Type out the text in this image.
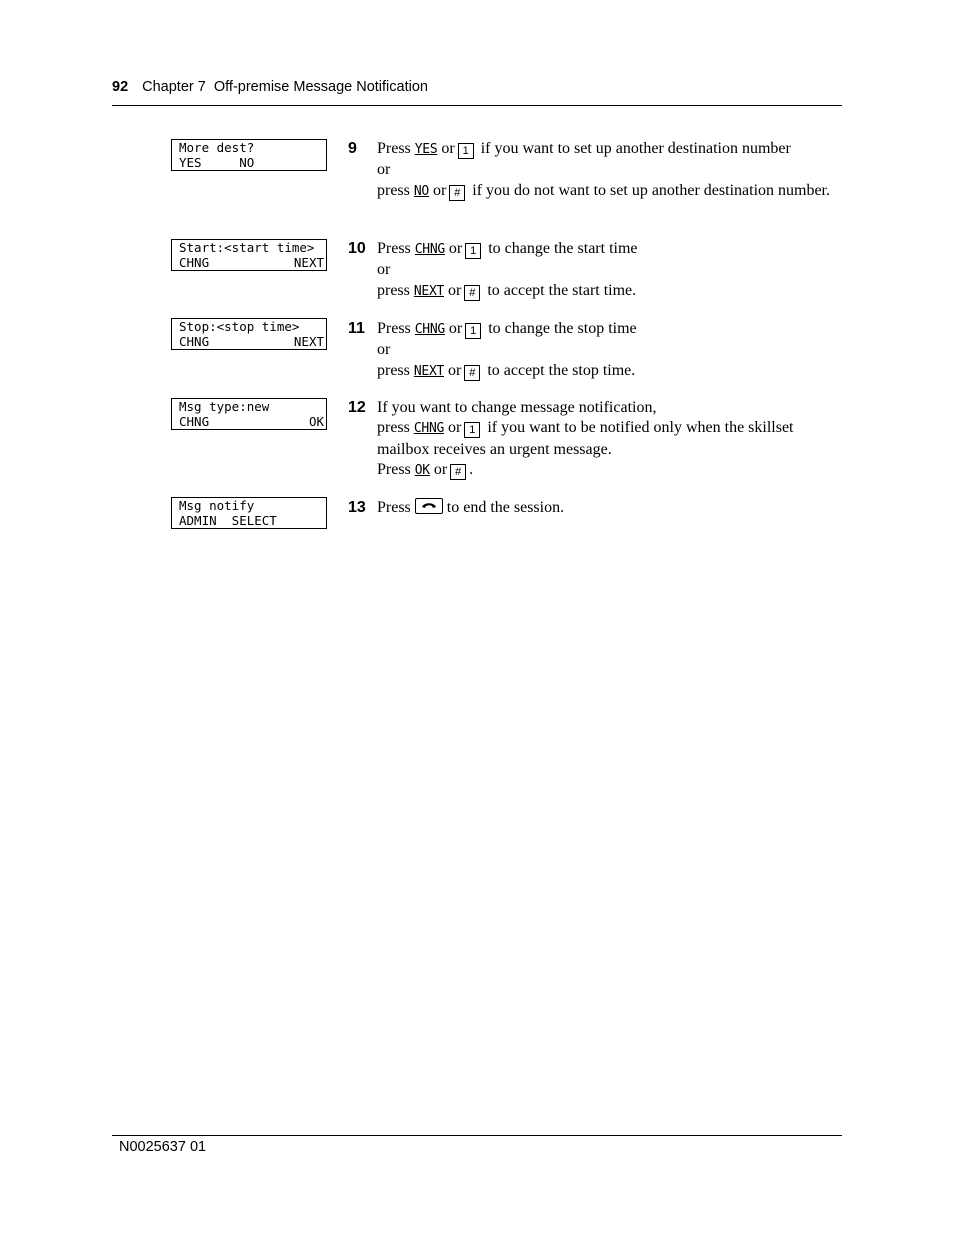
92 Chapter 7  Off-premise Message Notification
More dest?
YES     NO
9 Press YES or 1 if you want to set up another destination number
or
press NO or # if you do not want to set up another destination number.
Start:<start time>
CHNG	NEXT
10 Press CHNG or 1 to change the start time
or
press NEXT or # to accept the start time.
Stop:<stop time>
CHNG	NEXT
11 Press CHNG or 1 to change the stop time
or
press NEXT or # to accept the stop time.
Msg type:new
CHNG	OK
12 If you want to change message notification,
press CHNG or 1 if you want to be notified only when the skillset mailbox receives an urgent message.
Press OK or # .
Msg notify
ADMIN  SELECT
13 Press to end the session.
N0025637 01
